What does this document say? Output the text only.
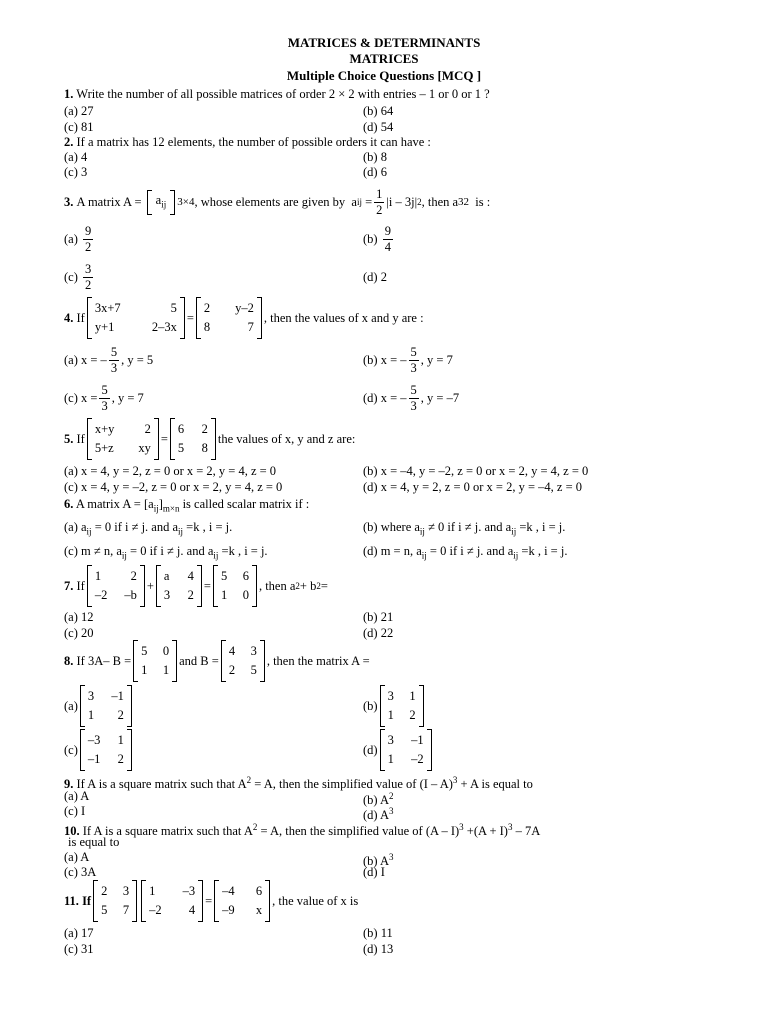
MATRICES & DETERMINANTS
MATRICES
Multiple Choice Questions [MCQ ]
1. Write the number of all possible matrices of order 2 × 2 with entries – 1 or 0 or 1 ?
(a) 27	(b) 64
(c) 81	(d) 54
2. If a matrix has 12 elements, the number of possible orders it can have :
(a) 4	(b) 8
(c) 3	(d) 6
3.
A matrix A =
$a_{ij}$ 3×4 , whose elements are given by
a ij
= $\frac{1}{2} |i - 3j|$ 2 , then a 32
is :
(a)

9
2
(b)

9
4
(c)

3
2
(d) 2
4.
If
3x+7	5
y+1	2–3x
=
2 y–2
8	7
, then the values of x and y are :
(a)
x = –
5
3
, y = 5	(b)
x = –
5
3
, y = 7
(c)
$x = \frac{5}{3}$ , y = 7	(d)
x = –
5
3
, y = –7
5.
If
x+y 2
5+z xy
=
6 2
5 8
the values of x, y and z are:
(a) x = 4, y = 2, z = 0 or x = 2, y = 4, z = 0	(b) x = –4, y = –2, z = 0 or x = 2, y = 4, z = 0
(c) x = 4, y = –2, z = 0 or x = 2, y = 4, z = 0	(d) x = 4, y = 2, z = 0 or x = 2, y = –4, z = 0
6. A matrix $A = [a_{ij}]_{m\times n}$ is called scalar matrix if :
(a) $a_{ij} = 0$ if i ≠ j. and $a_{ij} =k$ , i = j.	(b) where $a_{ij} \ne 0$ if i ≠ j. and $a_{ij} =k$ , i = j.
(c) m ≠ n, $a_{ij} = 0$ if i ≠ j. and $a_{ij} =k$ , i = j.	(d) m = n, $a_{ij} = 0$ if i ≠ j. and $a_{ij} =k$ , i = j.
7.
If
1 2
–2 –b
+
a 4
3 2
=
5 6
1 0
, then a 2 + b 2 =
(a) 12	(b) 21
(c) 20	(d) 22
8.
If 3A– B =
5 0
1 1
and B =
4 3
2 5
, then the matrix A =
(a)
3 –1
1 2
(b)
3 1
1 2
(c)
–3 1
–1 2
(d)
3 –1
1 –2
9. If A is a square matrix such that $A^2 = A$, then the simplified value of (I – A)$^3$ + A is equal to
(a) A	(b) $A^2$
(c) I	(d) $A^3$
10. If A is a square matrix such that $A^2 = A$, then the simplified value of $(A - I)^3 +(A + I)^3 - 7A$
is equal to
(a) A	(b) $A^3$
(c) 3A	(d) I
11.
If
2 3
5 7
1 –3
–2 4
=
–4 6
–9 x
, the value of x is
(a) 17	(b) 11
(c) 31	(d) 13
